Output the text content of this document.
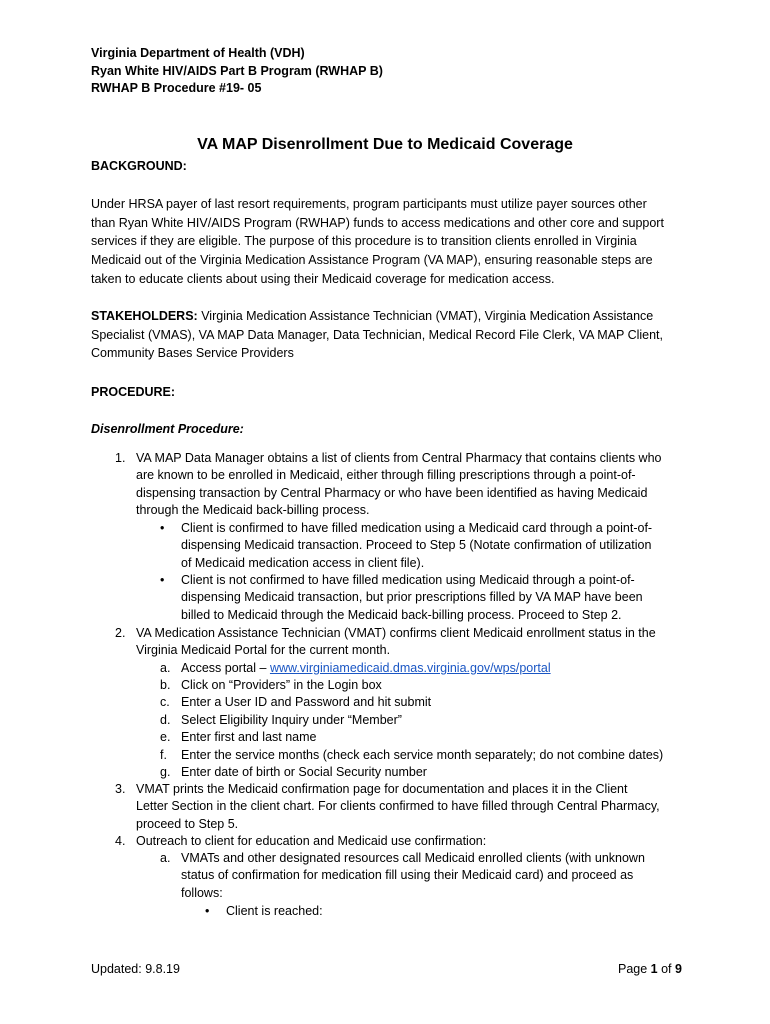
Virginia Department of Health (VDH)
Ryan White HIV/AIDS Part B Program (RWHAP B)
RWHAP B Procedure #19- 05
VA MAP Disenrollment Due to Medicaid Coverage
BACKGROUND:
Under HRSA payer of last resort requirements, program participants must utilize payer sources other
than Ryan White HIV/AIDS Program (RWHAP) funds to access medications and other core and support
services if they are eligible. The purpose of this procedure is to transition clients enrolled in Virginia
Medicaid out of the Virginia Medication Assistance Program (VA MAP), ensuring reasonable steps are
taken to educate clients about using their Medicaid coverage for medication access.
STAKEHOLDERS: Virginia Medication Assistance Technician (VMAT), Virginia Medication Assistance
Specialist (VMAS), VA MAP Data Manager, Data Technician, Medical Record File Clerk, VA MAP Client,
Community Bases Service Providers
PROCEDURE:
Disenrollment Procedure:
1. VA MAP Data Manager obtains a list of clients from Central Pharmacy that contains clients who
are known to be enrolled in Medicaid, either through filling prescriptions through a point-of-
dispensing transaction by Central Pharmacy or who have been identified as having Medicaid
through the Medicaid back-billing process.
• Client is confirmed to have filled medication using a Medicaid card through a point-of-
dispensing Medicaid transaction. Proceed to Step 5 (Notate confirmation of utilization
of Medicaid medication access in client file).
• Client is not confirmed to have filled medication using Medicaid through a point-of-
dispensing Medicaid transaction, but prior prescriptions filled by VA MAP have been
billed to Medicaid through the Medicaid back-billing process. Proceed to Step 2.
2. VA Medication Assistance Technician (VMAT) confirms client Medicaid enrollment status in the
Virginia Medicaid Portal for the current month.
a. Access portal – www.virginiamedicaid.dmas.virginia.gov/wps/portal
b. Click on “Providers” in the Login box
c. Enter a User ID and Password and hit submit
d. Select Eligibility Inquiry under “Member”
e. Enter first and last name
f. Enter the service months (check each service month separately; do not combine dates)
g. Enter date of birth or Social Security number
3. VMAT prints the Medicaid confirmation page for documentation and places it in the Client
Letter Section in the client chart. For clients confirmed to have filled through Central Pharmacy,
proceed to Step 5.
4. Outreach to client for education and Medicaid use confirmation:
a. VMATs and other designated resources call Medicaid enrolled clients (with unknown
status of confirmation for medication fill using their Medicaid card) and proceed as
follows:
• Client is reached:
Updated: 9.8.19	Page 1 of 9
